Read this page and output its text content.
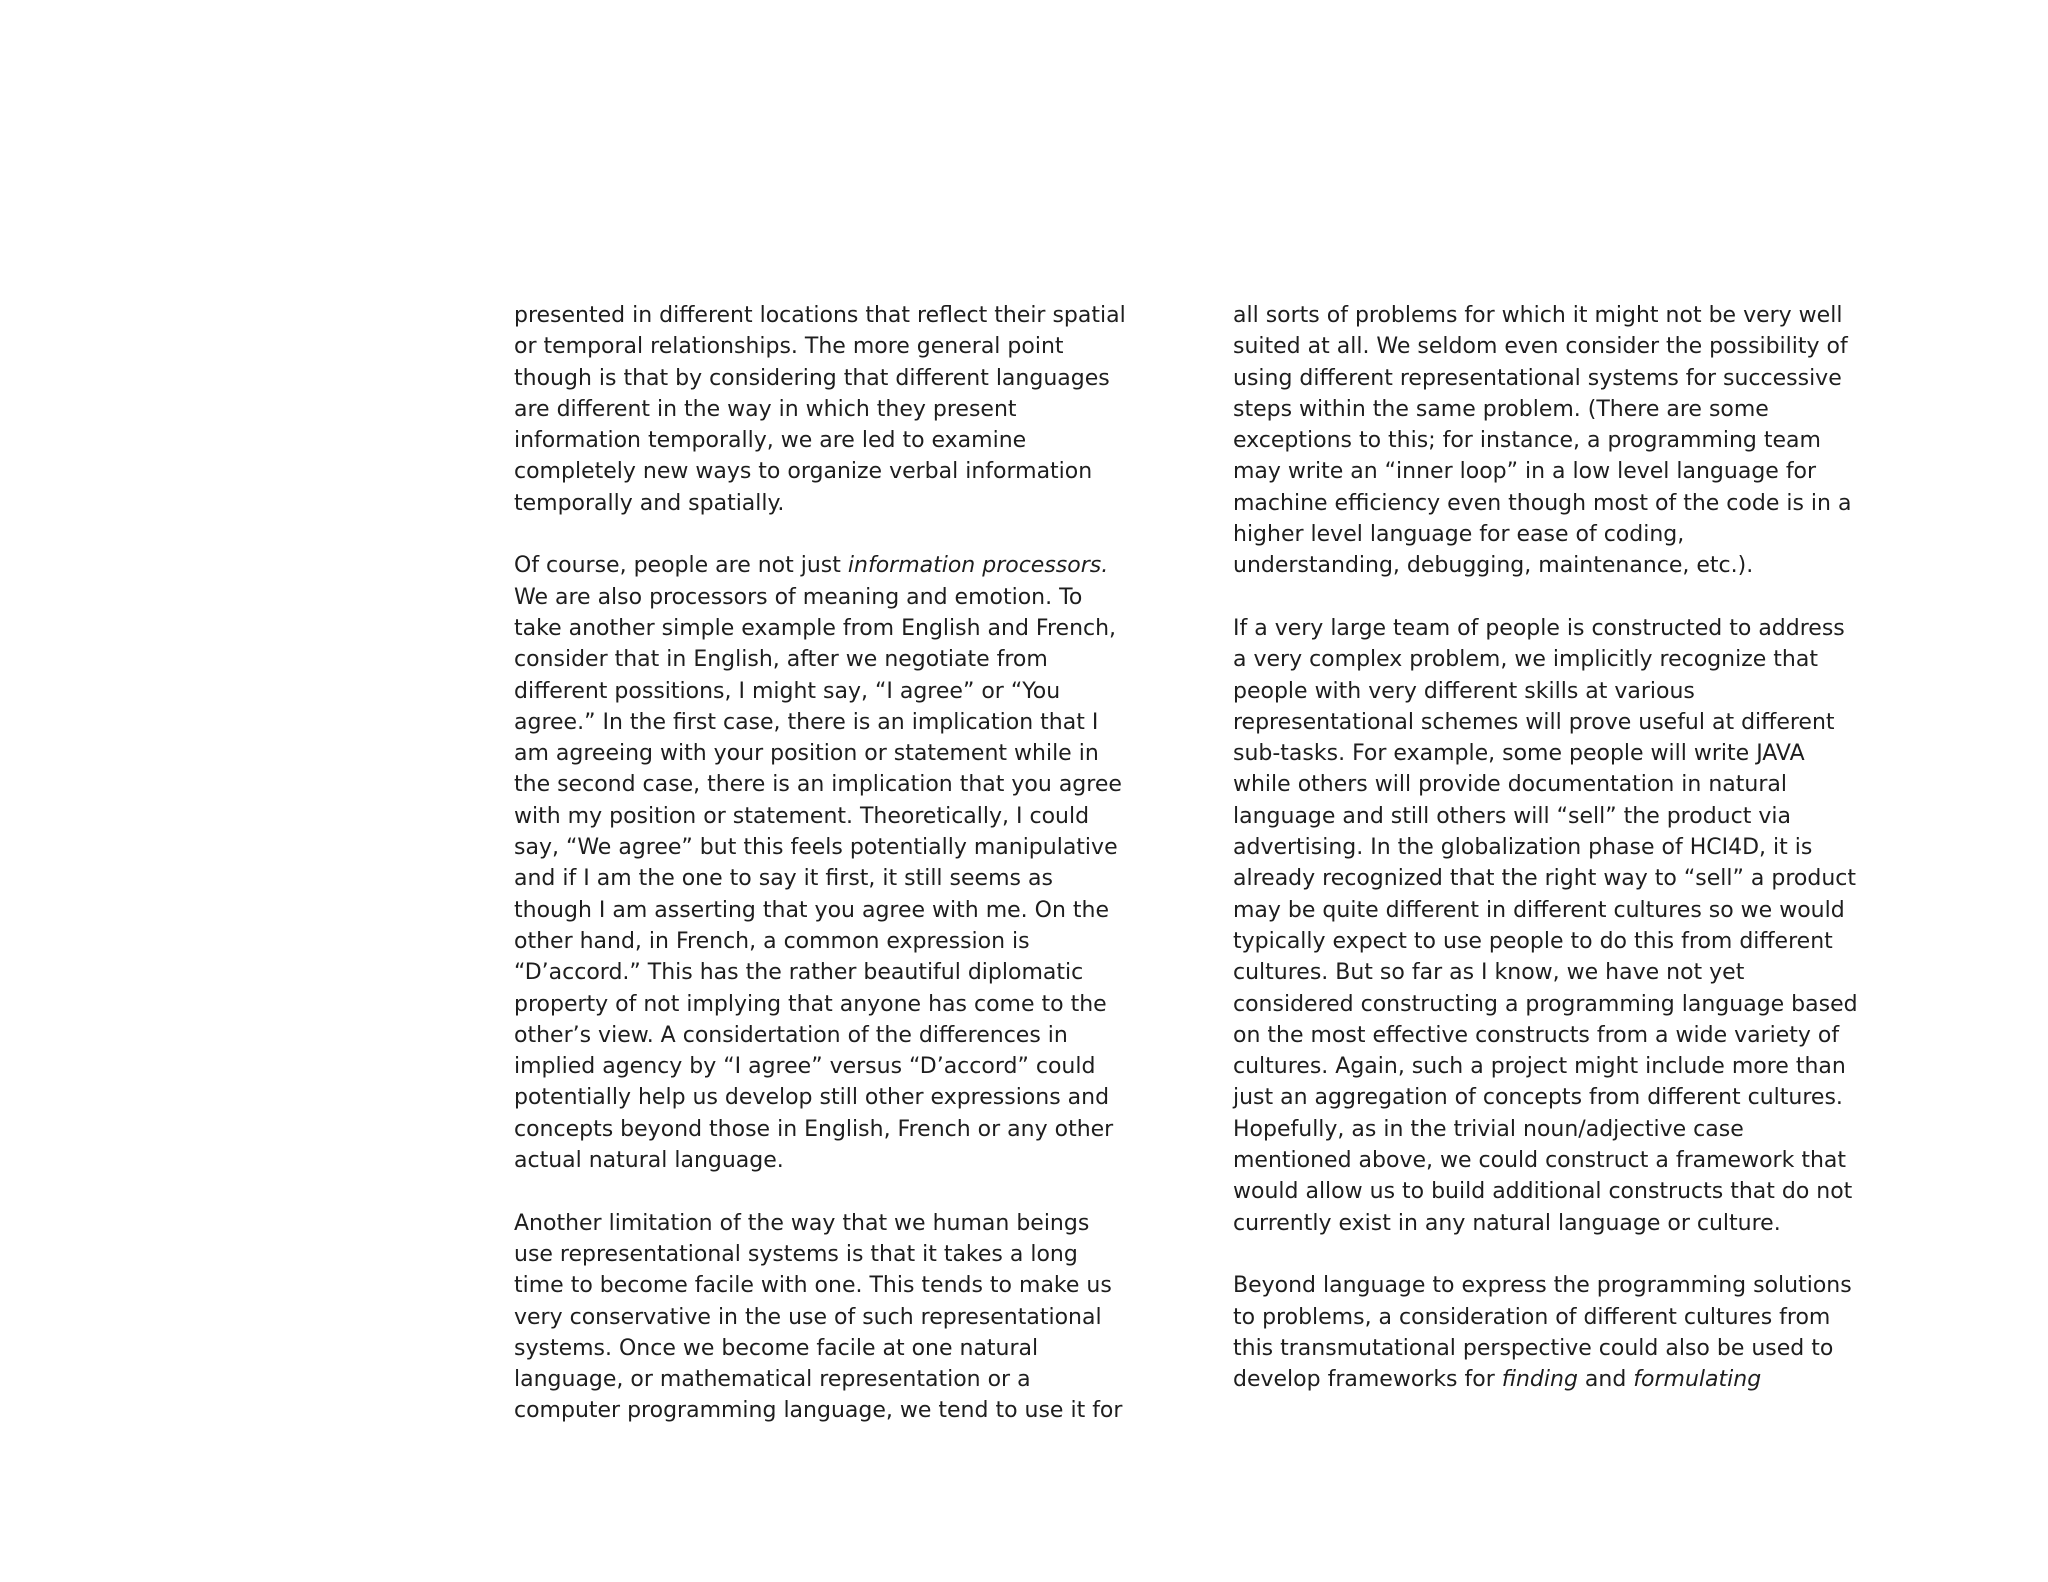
presented in different locations that reflect their spatial
or temporal relationships. The more general point
though is that by considering that different languages
are different in the way in which they present
information temporally, we are led to examine
completely new ways to organize verbal information
temporally and spatially.
Of course, people are not just information processors.
We are also processors of meaning and emotion. To
take another simple example from English and French,
consider that in English, after we negotiate from
different possitions, I might say, “I agree” or “You
agree.” In the first case, there is an implication that I
am agreeing with your position or statement while in
the second case, there is an implication that you agree
with my position or statement. Theoretically, I could
say, “We agree” but this feels potentially manipulative
and if I am the one to say it first, it still seems as
though I am asserting that you agree with me. On the
other hand, in French, a common expression is
“D’accord.” This has the rather beautiful diplomatic
property of not implying that anyone has come to the
other’s view. A considertation of the differences in
implied agency by “I agree” versus “D’accord” could
potentially help us develop still other expressions and
concepts beyond those in English, French or any other
actual natural language.
Another limitation of the way that we human beings
use representational systems is that it takes a long
time to become facile with one. This tends to make us
very conservative in the use of such representational
systems. Once we become facile at one natural
language, or mathematical representation or a
computer programming language, we tend to use it for
all sorts of problems for which it might not be very well
suited at all. We seldom even consider the possibility of
using different representational systems for successive
steps within the same problem. (There are some
exceptions to this; for instance, a programming team
may write an “inner loop” in a low level language for
machine efficiency even though most of the code is in a
higher level language for ease of coding,
understanding, debugging, maintenance, etc.).
If a very large team of people is constructed to address
a very complex problem, we implicitly recognize that
people with very different skills at various
representational schemes will prove useful at different
sub-tasks. For example, some people will write JAVA
while others will provide documentation in natural
language and still others will “sell” the product via
advertising. In the globalization phase of HCI4D, it is
already recognized that the right way to “sell” a product
may be quite different in different cultures so we would
typically expect to use people to do this from different
cultures. But so far as I know, we have not yet
considered constructing a programming language based
on the most effective constructs from a wide variety of
cultures. Again, such a project might include more than
just an aggregation of concepts from different cultures.
Hopefully, as in the trivial noun/adjective case
mentioned above, we could construct a framework that
would allow us to build additional constructs that do not
currently exist in any natural language or culture.
Beyond language to express the programming solutions
to problems, a consideration of different cultures from
this transmutational perspective could also be used to
develop frameworks for finding and formulating
